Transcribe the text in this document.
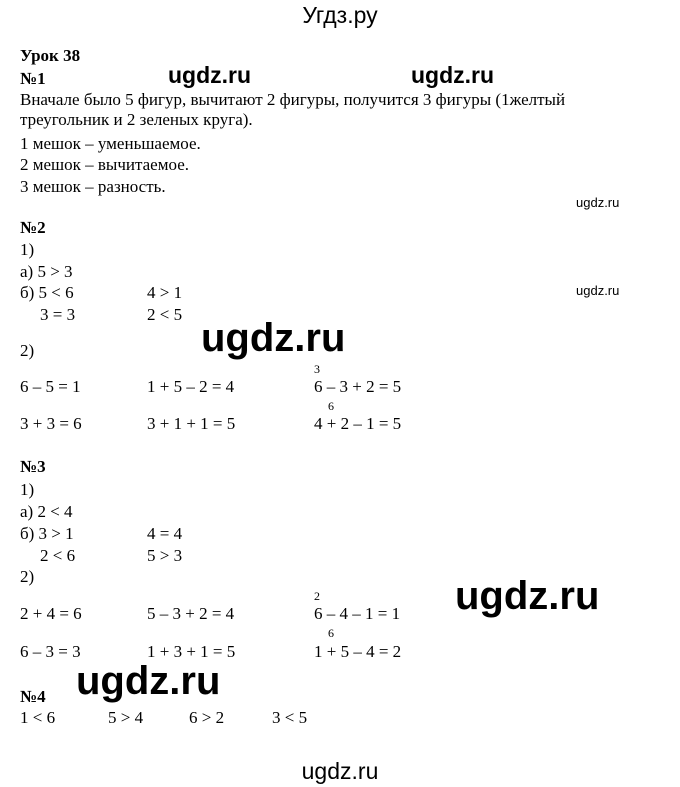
Угдз.ру
Урок 38
№1	ugdz.ru	ugdz.ru
Вначале было 5 фигур, вычитают 2 фигуры, получится 3 фигуры (1желтый
треугольник и 2 зеленых круга).
1 мешок – уменьшаемое.
2 мешок – вычитаемое.
3 мешок – разность.
ugdz.ru
№2
1)
а) 5 > 3
б) 5 < 6	4 > 1	ugdz.ru
3 = 3	2 < 5
ugdz.ru
2)
3
6 – 5 = 1	1 + 5 – 2 = 4	6 – 3 + 2 = 5
6
3 + 3 = 6	3 + 1 + 1 = 5	4 + 2 – 1 = 5
№3
1)
а) 2 < 4
б) 3 > 1	4 = 4
2 < 6	5 > 3
2)	ugdz.ru
2
2 + 4 = 6	5 – 3 + 2 = 4	6 – 4 – 1 = 1
6
6 – 3 = 3	1 + 3 + 1 = 5	1 + 5 – 4 = 2
ugdz.ru
№4
1 < 6	5 > 4	6 > 2	3 < 5
ugdz.ru
